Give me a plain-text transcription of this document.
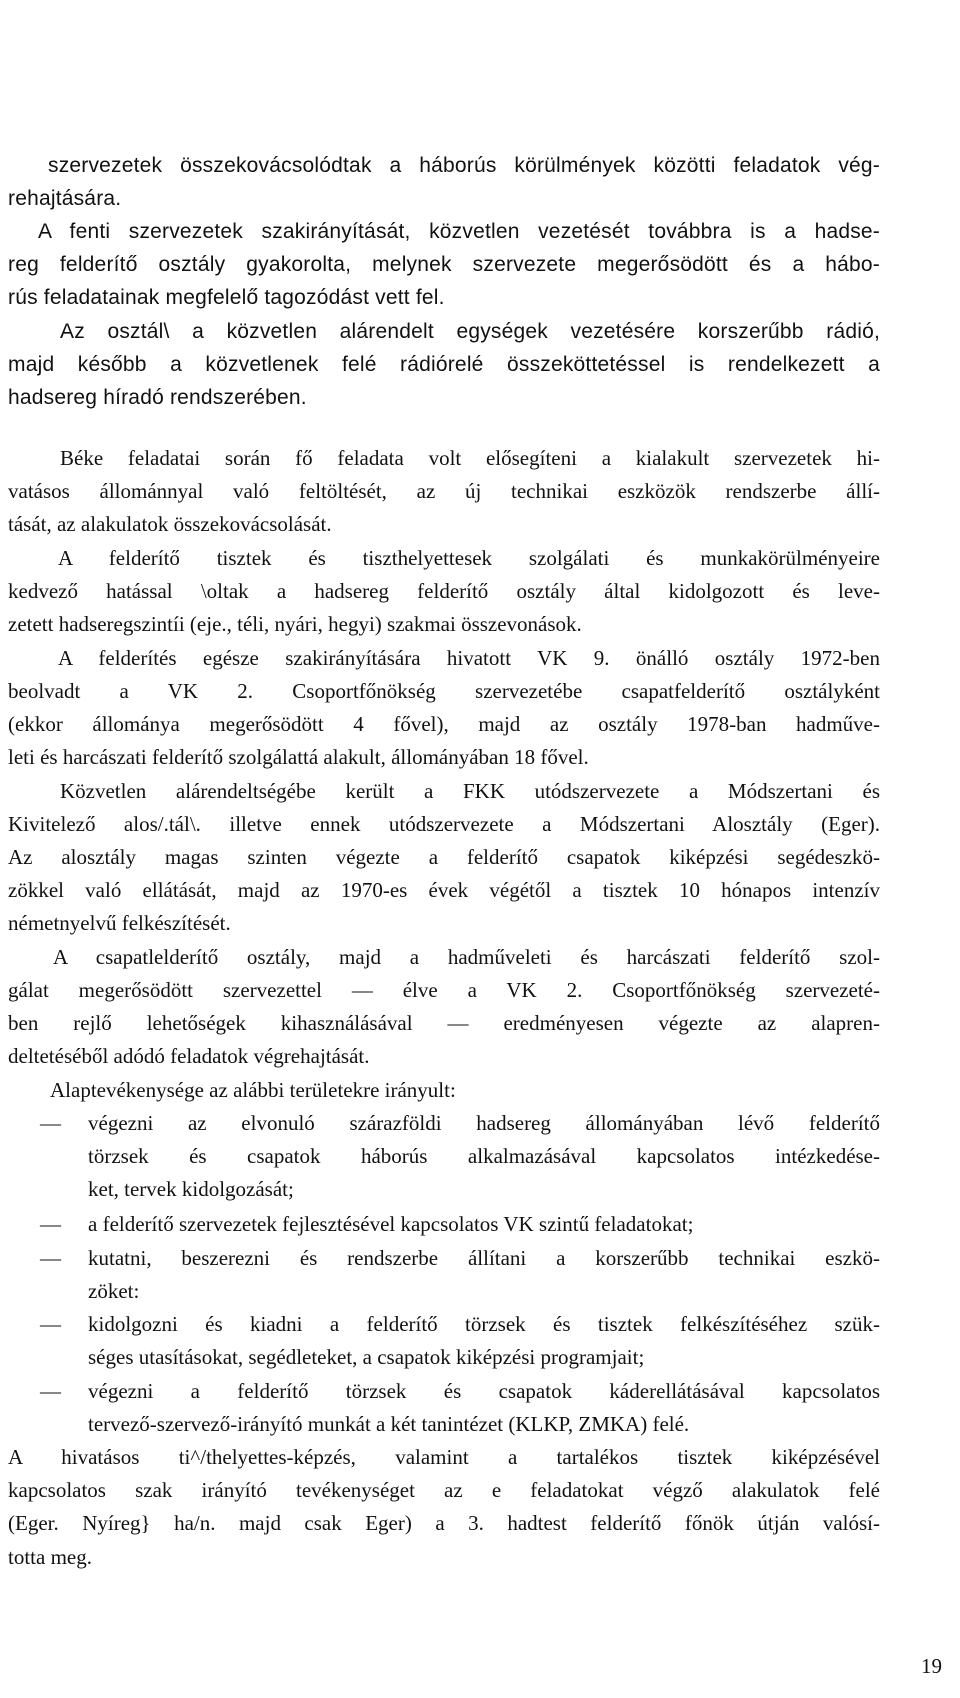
szervezetek összekovácsolódtak a háborús körülmények közötti feladatok vég-
rehajtására.
A fenti szervezetek szakirányítását, közvetlen vezetését továbbra is a hadse-
reg felderítő osztály gyakorolta, melynek szervezete megerősödött és a hábo-
rús feladatainak megfelelő tagozódást vett fel.
Az osztál\ a közvetlen alárendelt egységek vezetésére korszerűbb rádió,
majd később a közvetlenek felé rádiórelé összeköttetéssel is rendelkezett a
hadsereg híradó rendszerében.
Béke feladatai során fő feladata volt elősegíteni a kialakult szervezetek hi-
vatásos állománnyal való feltöltését, az új technikai eszközök rendszerbe állí-
tását, az alakulatok összekovácsolását.
A felderítő tisztek és tiszthelyettesek szolgálati és munkakörülményeire
kedvező hatással \oltak a hadsereg felderítő osztály által kidolgozott és leve-
zetett hadseregszintíi (eje., téli, nyári, hegyi) szakmai összevonások.
A felderítés egésze szakirányítására hivatott VK 9. önálló osztály 1972-ben
beolvadt a VK 2. Csoportfőnökség szervezetébe csapatfelderítő osztályként
(ekkor állománya megerősödött 4 fővel), majd az osztály 1978-ban hadműve-
leti és harcászati felderítő szolgálattá alakult, állományában 18 fővel.
Közvetlen alárendeltségébe került a FKK utódszervezete a Módszertani és
Kivitelező alos/.tál\. illetve ennek utódszervezete a Módszertani Alosztály (Eger).
Az alosztály magas szinten végezte a felderítő csapatok kiképzési segédeszkö-
zökkel való ellátását, majd az 1970-es évek végétől a tisztek 10 hónapos intenzív
németnyelvű felkészítését.
A csapatlelderítő osztály, majd a hadműveleti és harcászati felderítő szol-
gálat megerősödött szervezettel — élve a VK 2. Csoportfőnökség szervezeté-
ben rejlő lehetőségek kihasználásával — eredményesen végezte az alapren-
deltetéséből adódó feladatok végrehajtását.
Alaptevékenysége az alábbi területekre irányult:
— végezni az elvonuló szárazföldi hadsereg állományában lévő felderítő
törzsek és csapatok háborús alkalmazásával kapcsolatos intézkedése-
ket, tervek kidolgozását;
— a felderítő szervezetek fejlesztésével kapcsolatos VK szintű feladatokat;
— kutatni, beszerezni és rendszerbe állítani a korszerűbb technikai eszkö-
zöket:
— kidolgozni és kiadni a felderítő törzsek és tisztek felkészítéséhez szük-
séges utasításokat, segédleteket, a csapatok kiképzési programjait;
— végezni a felderítő törzsek és csapatok káderellátásával kapcsolatos
tervező-szervező-irányító munkát a két tanintézet (KLKP, ZMKA) felé.
A hivatásos ti^/thelyettes-képzés, valamint a tartalékos tisztek kiképzésével
kapcsolatos szak irányító tevékenységet az e feladatokat végző alakulatok felé
(Eger. Nyíreg} ha/n. majd csak Eger) a 3. hadtest felderítő főnök útján valósí-
totta meg.
19
